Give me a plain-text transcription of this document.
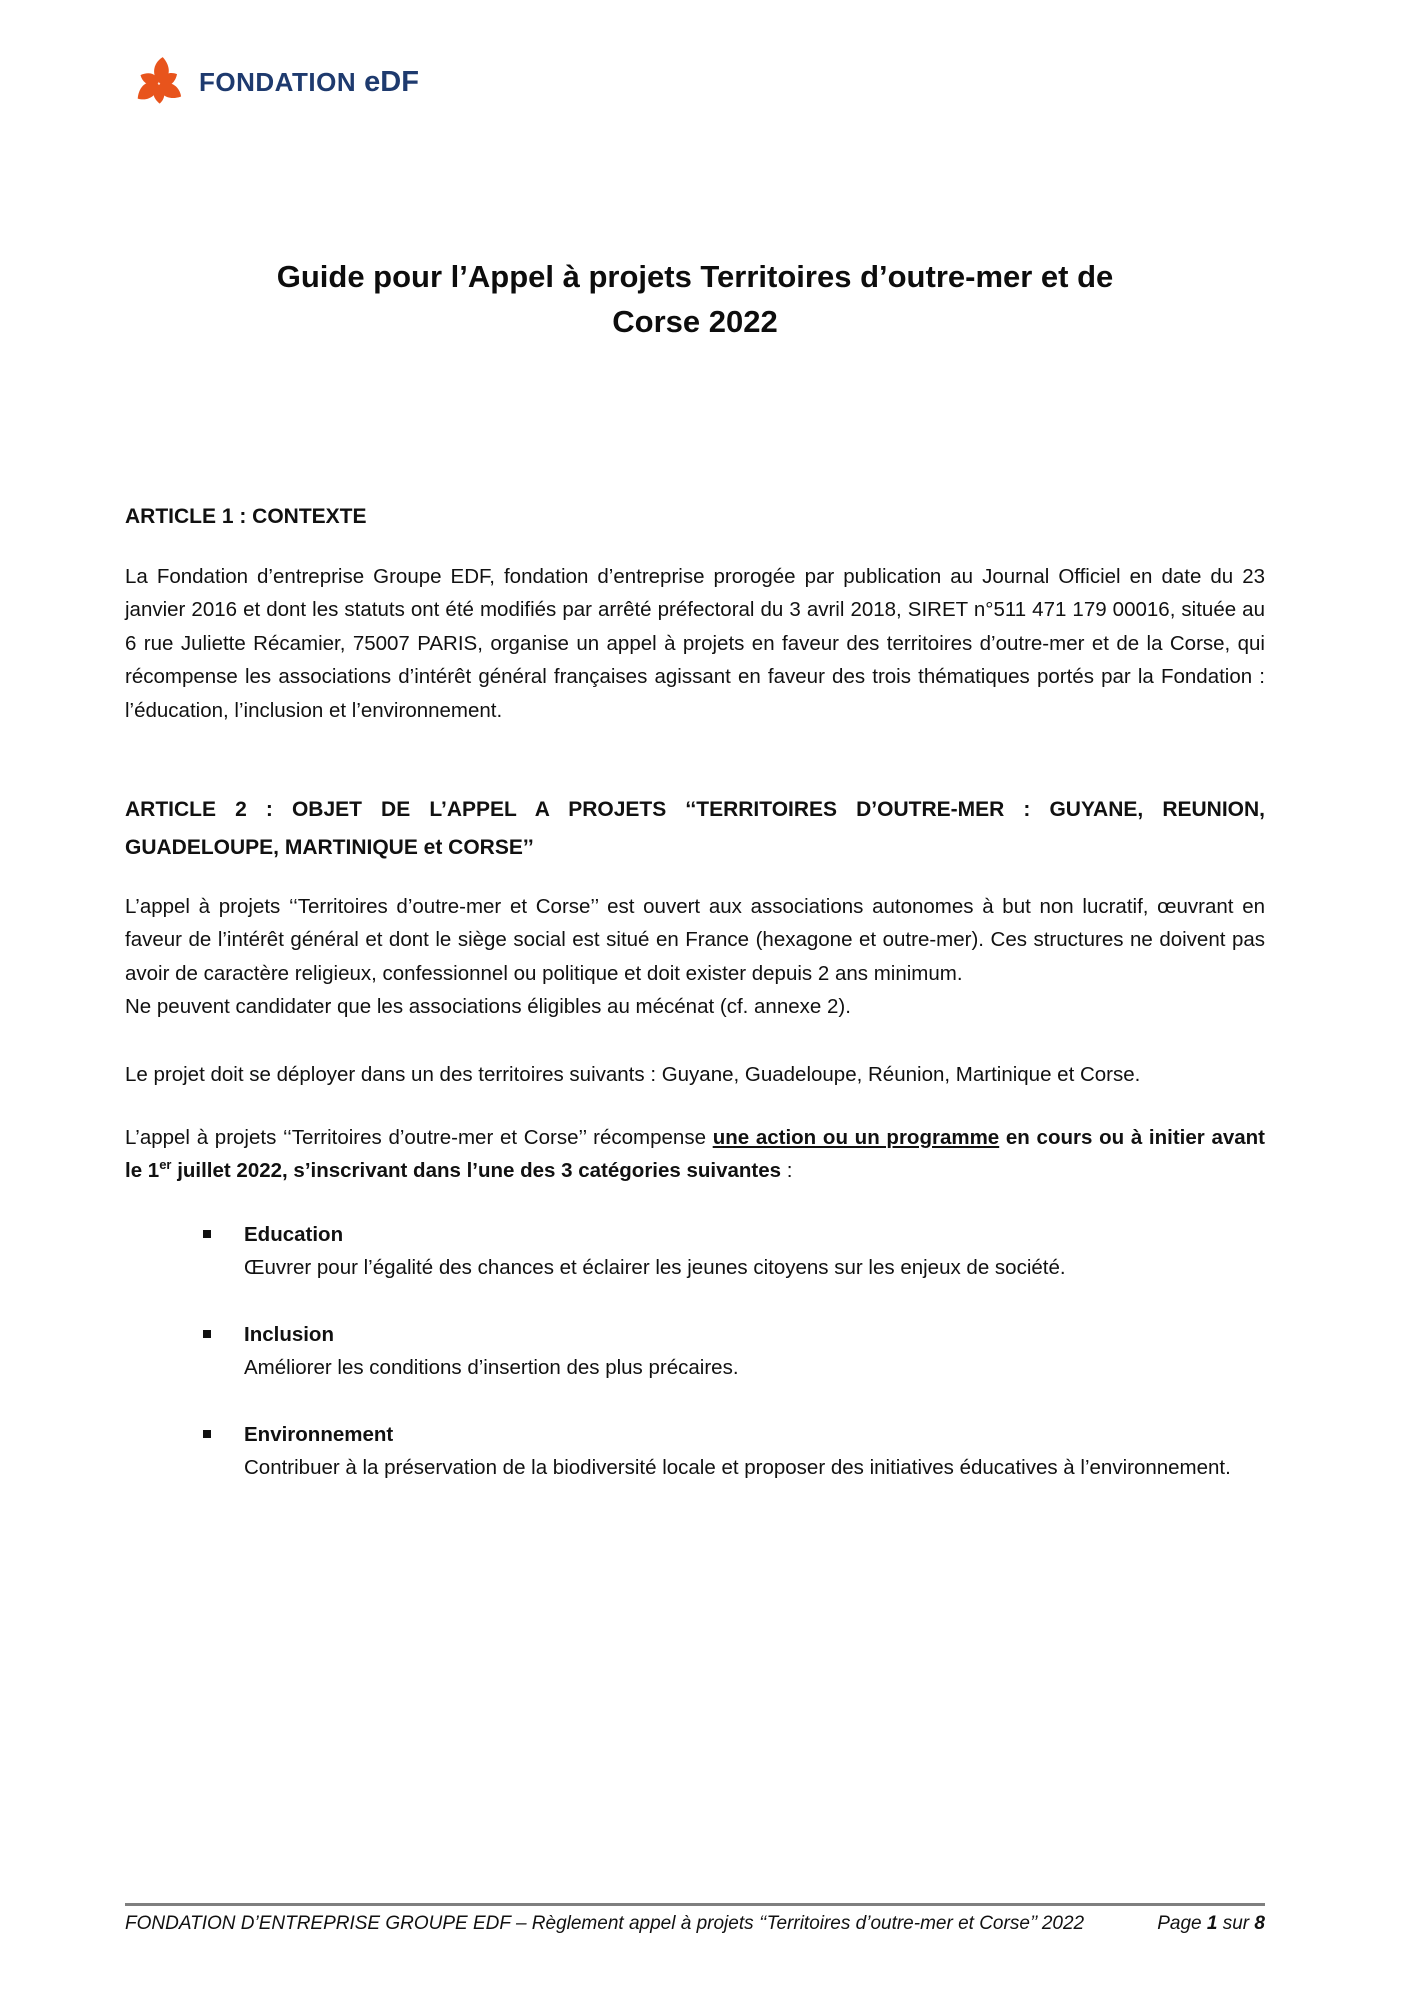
FONDATION eDF
Guide pour l’Appel à projets Territoires d’outre-mer et de
Corse 2022
ARTICLE 1 : CONTEXTE
La Fondation d’entreprise Groupe EDF, fondation d’entreprise prorogée par publication au Journal Officiel en date du 23 janvier 2016 et dont les statuts ont été modifiés par arrêté préfectoral du 3 avril 2018, SIRET n°511 471 179 00016, située au 6 rue Juliette Récamier, 75007 PARIS, organise un appel à projets en faveur des territoires d’outre-mer et de la Corse, qui récompense les associations d’intérêt général françaises agissant en faveur des trois thématiques portés par la Fondation : l’éducation, l’inclusion et l’environnement.
ARTICLE 2 : OBJET DE L’APPEL A PROJETS ‘‘TERRITOIRES D’OUTRE-MER : GUYANE, REUNION, GUADELOUPE, MARTINIQUE et CORSE’’
L’appel à projets ‘‘Territoires d’outre-mer et Corse’’ est ouvert aux associations autonomes à but non lucratif, œuvrant en faveur de l’intérêt général et dont le siège social est situé en France (hexagone et outre-mer). Ces structures ne doivent pas avoir de caractère religieux, confessionnel ou politique et doit exister depuis 2 ans minimum.
Ne peuvent candidater que les associations éligibles au mécénat (cf. annexe 2).
Le projet doit se déployer dans un des territoires suivants : Guyane, Guadeloupe, Réunion, Martinique et Corse.
L’appel à projets ‘‘Territoires d’outre-mer et Corse’’ récompense une action ou un programme en cours ou à initier avant le 1er juillet 2022, s’inscrivant dans l’une des 3 catégories suivantes :
Education
Œuvrer pour l’égalité des chances et éclairer les jeunes citoyens sur les enjeux de société.
Inclusion
Améliorer les conditions d’insertion des plus précaires.
Environnement
Contribuer à la préservation de la biodiversité locale et proposer des initiatives éducatives à l’environnement.
FONDATION D’ENTREPRISE GROUPE EDF – Règlement appel à projets ‘‘Territoires d’outre-mer et Corse’’ 2022	Page 1 sur 8
